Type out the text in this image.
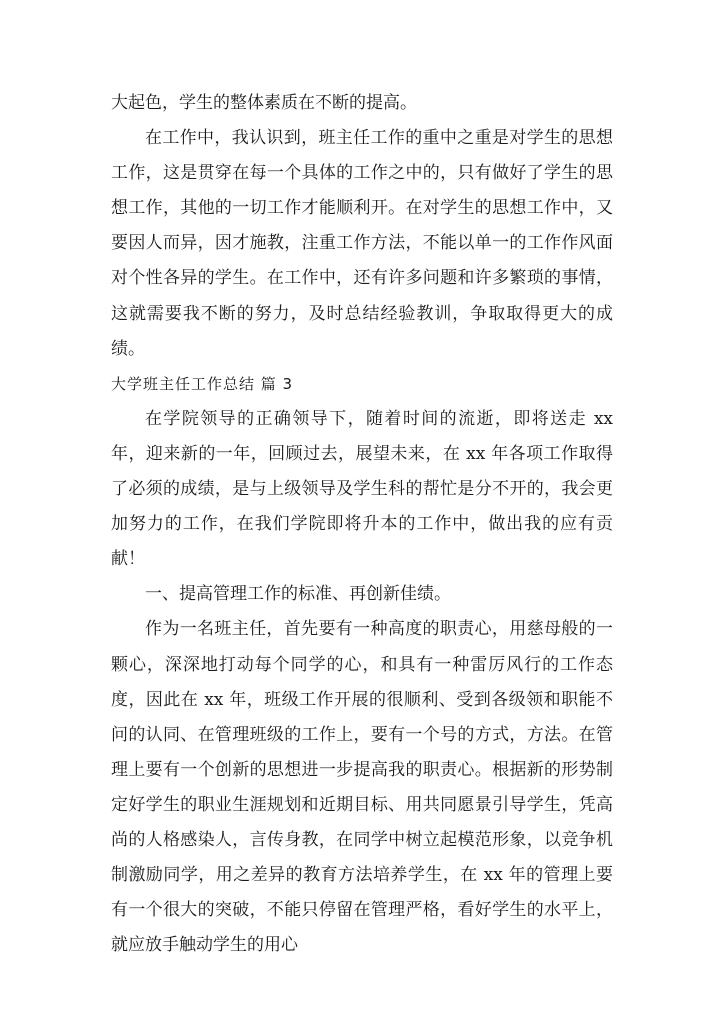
大起色，学生的整体素质在不断的提高。

在工作中，我认识到，班主任工作的重中之重是对学生的思想工作，这是贯穿在每一个具体的工作之中的，只有做好了学生的思想工作，其他的一切工作才能顺利开。在对学生的思想工作中，又要因人而异，因才施教，注重工作方法，不能以单一的工作作风面对个性各异的学生。在工作中，还有许多问题和许多繁琐的事情，这就需要我不断的努力，及时总结经验教训，争取取得更大的成绩。

大学班主任工作总结 篇 3

在学院领导的正确领导下，随着时间的流逝，即将送走 xx 年，迎来新的一年，回顾过去，展望未来，在 xx 年各项工作取得了必须的成绩，是与上级领导及学生科的帮忙是分不开的，我会更加努力的工作，在我们学院即将升本的工作中，做出我的应有贡献！

一、提高管理工作的标准、再创新佳绩。

作为一名班主任，首先要有一种高度的职责心，用慈母般的一颗心，深深地打动每个同学的心，和具有一种雷厉风行的工作态度，因此在 xx 年，班级工作开展的很顺利、受到各级领和职能不问的认同、在管理班级的工作上，要有一个号的方式，方法。在管理上要有一个创新的思想进一步提高我的职责心。根据新的形势制定好学生的职业生涯规划和近期目标、用共同愿景引导学生，凭高尚的人格感染人，言传身教，在同学中树立起模范形象，以竞争机制激励同学，用之差异的教育方法培养学生，在 xx 年的管理上要有一个很大的突破，不能只停留在管理严格，看好学生的水平上，就应放手触动学生的用心
